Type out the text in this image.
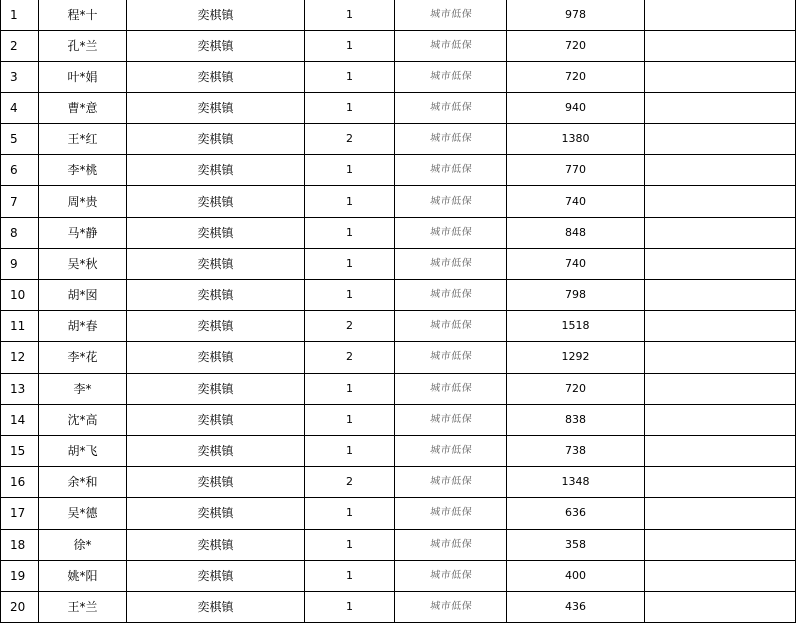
1	程*十	奕棋镇	1	城市低保	978	
2	孔*兰	奕棋镇	1	城市低保	720	
3	叶*娟	奕棋镇	1	城市低保	720	
4	曹*意	奕棋镇	1	城市低保	940	
5	王*红	奕棋镇	2	城市低保	1380	
6	李*桃	奕棋镇	1	城市低保	770	
7	周*贵	奕棋镇	1	城市低保	740	
8	马*静	奕棋镇	1	城市低保	848	
9	吴*秋	奕棋镇	1	城市低保	740	
10	胡*囡	奕棋镇	1	城市低保	798	
11	胡*春	奕棋镇	2	城市低保	1518	
12	李*花	奕棋镇	2	城市低保	1292	
13	李*	奕棋镇	1	城市低保	720	
14	沈*高	奕棋镇	1	城市低保	838	
15	胡*飞	奕棋镇	1	城市低保	738	
16	余*和	奕棋镇	2	城市低保	1348	
17	吴*德	奕棋镇	1	城市低保	636	
18	徐*	奕棋镇	1	城市低保	358	
19	姚*阳	奕棋镇	1	城市低保	400	
20	王*兰	奕棋镇	1	城市低保	436	
